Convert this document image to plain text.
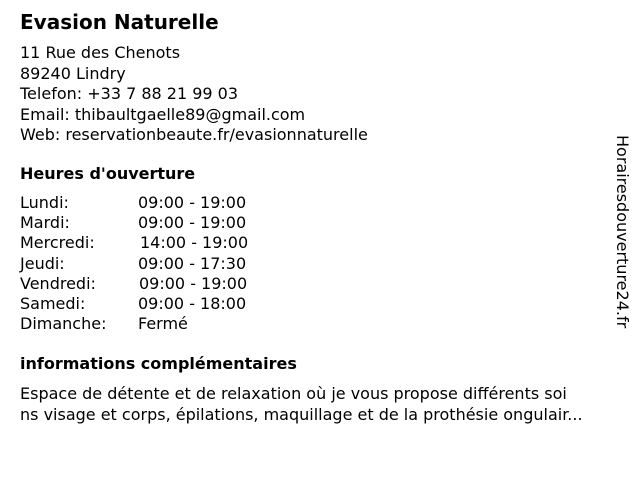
Evasion Naturelle
11 Rue des Chenots
89240 Lindry
Telefon: +33 7 88 21 99 03
Email: thibaultgaelle89@gmail.com
Web: reservationbeaute.fr/evasionnaturelle
Heures d'ouverture
Lundi:	09:00 - 19:00
Mardi:	09:00 - 19:00
Mercredi:	14:00 - 19:00
Jeudi:	09:00 - 17:30
Vendredi:	09:00 - 19:00
Samedi:	09:00 - 18:00
Dimanche: Fermé
informations complémentaires
Espace de détente et de relaxation où je vous propose différents soi
ns visage et corps, épilations, maquillage et de la prothésie ongulair...
Horairesdouverture24.fr
